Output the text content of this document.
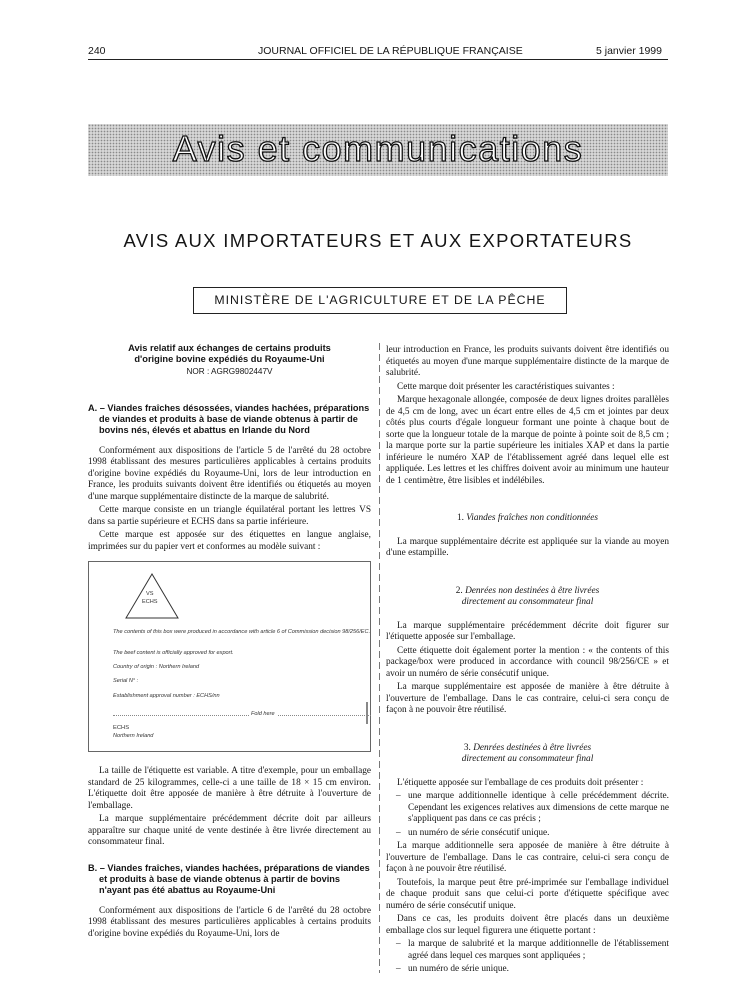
240	JOURNAL OFFICIEL DE LA RÉPUBLIQUE FRANÇAISE	5 janvier 1999
Avis et communications
AVIS AUX IMPORTATEURS ET AUX EXPORTATEURS
MINISTÈRE DE L'AGRICULTURE ET DE LA PÊCHE
Avis relatif aux échanges de certains produits
d'origine bovine expédiés du Royaume-Uni
NOR : AGRG9802447V
A. – Viandes fraîches désossées, viandes hachées, préparations
de viandes et produits à base de viande obtenus à partir de
bovins nés, élevés et abattus en Irlande du Nord

Conformément aux dispositions de l'article 5 de l'arrêté du 28 octobre 1998 établissant des mesures particulières applicables à certains produits d'origine bovine expédiés du Royaume-Uni, lors de leur introduction en France, les produits suivants doivent être identifiés ou étiquetés au moyen d'une marque supplémentaire distincte de la marque de salubrité.

Cette marque consiste en un triangle équilatéral portant les lettres VS dans sa partie supérieure et ECHS dans sa partie inférieure.

Cette marque est apposée sur des étiquettes en langue anglaise, imprimées sur du papier vert et conformes au modèle suivant :

VS
ECHS
The contents of this box were produced in accordance with article 6 of Commission decision 98/256/EC.
The beef content is officially approved for export.
Country of origin : Northern Ireland
Serial N° :
Establishment approval number : ECHS/nn
Fold here
ECHS
Northern Ireland

La taille de l'étiquette est variable. A titre d'exemple, pour un emballage standard de 25 kilogrammes, celle-ci a une taille de 18 × 15 cm environ. L'étiquette doit être apposée de manière à être détruite à l'ouverture de l'emballage.

La marque supplémentaire précédemment décrite doit par ailleurs apparaître sur chaque unité de vente destinée à être livrée directement au consommateur final.

B. – Viandes fraîches, viandes hachées, préparations de viandes
et produits à base de viande obtenus à partir de bovins
n'ayant pas été abattus au Royaume-Uni

Conformément aux dispositions de l'article 6 de l'arrêté du 28 octobre 1998 établissant des mesures particulières applicables à certains produits d'origine bovine expédiés du Royaume-Uni, lors de

leur introduction en France, les produits suivants doivent être identifiés ou étiquetés au moyen d'une marque supplémentaire distincte de la marque de salubrité.

Cette marque doit présenter les caractéristiques suivantes :

Marque hexagonale allongée, composée de deux lignes droites parallèles de 4,5 cm de long, avec un écart entre elles de 4,5 cm et jointes par deux côtés plus courts d'égale longueur formant une pointe à chaque bout de sorte que la longueur totale de la marque de pointe à pointe soit de 8,5 cm ; la marque porte sur la partie supérieure les initiales XAP et dans la partie inférieure le numéro XAP de l'établissement agréé dans lequel elle est appliquée. Les lettres et les chiffres doivent avoir au minimum une hauteur de 1 centimètre, être lisibles et indélébiles.

1. Viandes fraîches non conditionnées

La marque supplémentaire décrite est appliquée sur la viande au moyen d'une estampille.

2. Denrées non destinées à être livrées
directement au consommateur final

La marque supplémentaire précédemment décrite doit figurer sur l'étiquette apposée sur l'emballage.

Cette étiquette doit également porter la mention : « the contents of this package/box were produced in accordance with council 98/256/CE » et avoir un numéro de série consécutif unique.

La marque supplémentaire est apposée de manière à être détruite à l'ouverture de l'emballage. Dans le cas contraire, celui-ci sera conçu de façon à ne pouvoir être réutilisé.

3. Denrées destinées à être livrées
directement au consommateur final

L'étiquette apposée sur l'emballage de ces produits doit présenter :

– une marque additionnelle identique à celle précédemment décrite. Cependant les exigences relatives aux dimensions de cette marque ne s'appliquent pas dans ce cas précis ;

– un numéro de série consécutif unique.

La marque additionnelle sera apposée de manière à être détruite à l'ouverture de l'emballage. Dans le cas contraire, celui-ci sera conçu de façon à ne pouvoir être réutilisé.

Toutefois, la marque peut être pré-imprimée sur l'emballage individuel de chaque produit sans que celui-ci porte d'étiquette spécifique avec numéro de série consécutif unique.

Dans ce cas, les produits doivent être placés dans un deuxième emballage clos sur lequel figurera une étiquette portant :

– la marque de salubrité et la marque additionnelle de l'établissement agréé dans lequel ces marques sont appliquées ;

– un numéro de série unique.
